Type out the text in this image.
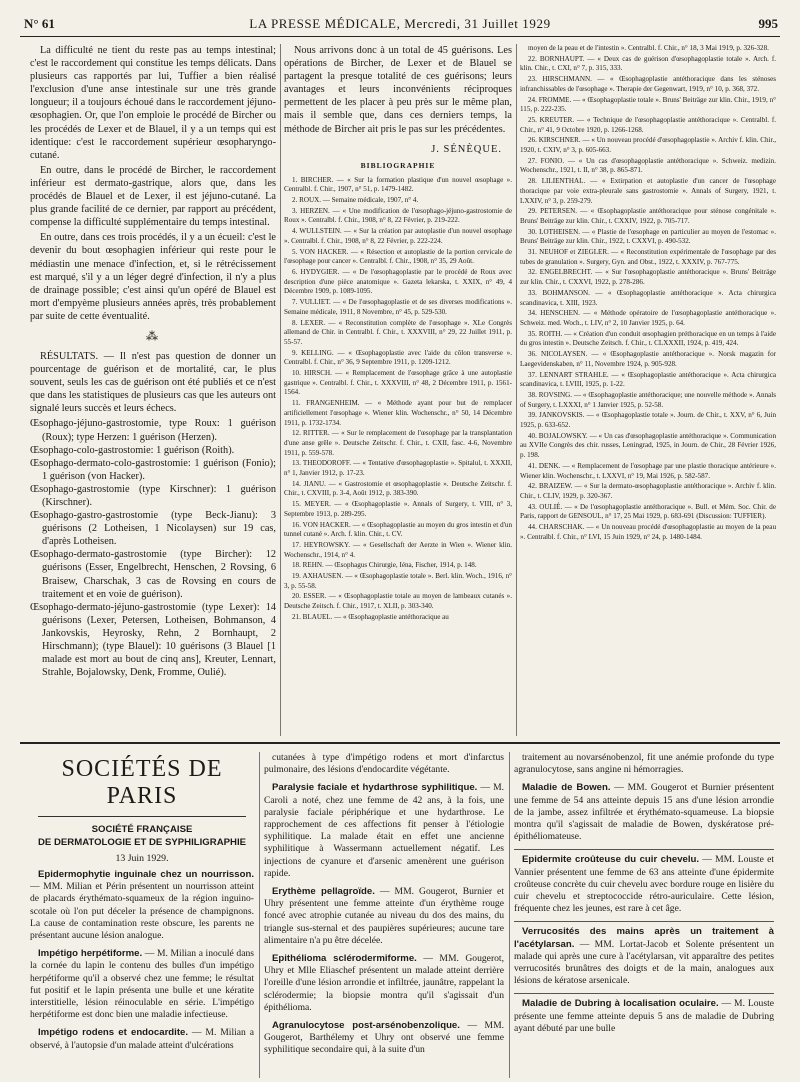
N° 61	LA PRESSE MÉDICALE, Mercredi, 31 Juillet 1929	995

La difficulté ne tient du reste pas au temps intestinal; c'est le raccordement qui constitue les temps délicats. Dans plusieurs cas rapportés par lui, Tuffier a bien réalisé l'exclusion d'une anse intestinale sur une très grande longueur; il a toujours échoué dans le raccordement jéjuno-œsophagien. Or, que l'on emploie le procédé de Bircher ou les procédés de Lexer et de Blauel, il y a un temps qui est identique: c'est le raccordement supérieur œsopharyngo-cutané.

En outre, dans le procédé de Bircher, le raccordement inférieur est dermato-gastrique, alors que, dans les procédés de Blauel et de Lexer, il est jéjuno-cutané. La plus grande facilité de ce dernier, par rapport au précédent, compense la difficulté supplémentaire du temps intestinal.

En outre, dans ces trois procédés, il y a un écueil: c'est le devenir du bout œsophagien inférieur qui reste pour le médiastin une menace d'infection, et, si le rétrécissement est marqué, s'il y a un léger degré d'infection, il n'y a plus de drainage possible; c'est ainsi qu'un opéré de Blauel est mort d'empyème plusieurs années après, très probablement par suite de cette éventualité.

⁂

RÉSULTATS. — Il n'est pas question de donner un pourcentage de guérison et de mortalité, car, le plus souvent, seuls les cas de guérison ont été publiés et ce n'est que dans les statistiques de plusieurs cas que les auteurs ont signalé leurs succès et leurs échecs.

Œsophago-jéjuno-gastrostomie, type Roux: 1 guérison (Roux); type Herzen: 1 guérison (Herzen).

Œsophago-colo-gastrostomie: 1 guérison (Roith).

Œsophago-dermato-colo-gastrostomie: 1 guérison (Fonio); 1 guérison (von Hacker).

Œsophago-gastrostomie (type Kirschner): 1 guérison (Kirschner).

Œsophago-gastro-gastrostomie (type Beck-Jianu): 3 guérisons (2 Lotheisen, 1 Nicolaysen) sur 19 cas, d'après Lotheisen.

Œsophago-dermato-gastrostomie (type Bircher): 12 guérisons (Esser, Engelbrecht, Henschen, 2 Rovsing, 6 Braisew, Charschak, 3 cas de Rovsing en cours de traitement et en voie de guérison).

Œsophago-dermato-jéjuno-gastrostomie (type Lexer): 14 guérisons (Lexer, Petersen, Lotheisen, Bohmanson, 4 Jankovskis, Heyrosky, Rehn, 2 Bornhaupt, 2 Hirschmann); (type Blauel): 10 guérisons (3 Blauel [1 malade est mort au bout de cinq ans], Kreuter, Lennart, Strahle, Bojalowsky, Denk, Fromme, Oulié).

Nous arrivons donc à un total de 45 guérisons. Les opérations de Bircher, de Lexer et de Blauel se partagent la presque totalité de ces guérisons; leurs avantages et leurs inconvénients réciproques permettent de les placer à peu près sur le même plan, mais il semble que, dans ces derniers temps, la méthode de Bircher ait pris le pas sur les précédentes.

J. SÉNÈQUE.
BIBLIOGRAPHIE

1. BIRCHER. — « Sur la formation plastique d'un nouvel œsophage ». Centralbl. f. Chir., 1907, n° 51, p. 1479-1482.

2. ROUX. — Semaine médicale, 1907, n° 4.

3. HERZEN. — « Une modification de l'œsophago-jéjuno-gastrostomie de Roux ». Centralbl. f. Chir., 1908, n° 8, 22 Février, p. 219-222.

4. WULLSTEIN. — « Sur la création par autoplastie d'un nouvel œsophage ». Centralbl. f. Chir., 1908, n° 8, 22 Février, p. 222-224.

5. VON HACKER. — « Résection et autoplastie de la portion cervicale de l'œsophage pour cancer ». Centralbl. f. Chir., 1908, n° 35, 29 Août.

6. HYDYGIER. — « De l'œsophagoplastie par le procédé de Roux avec description d'une pièce anatomique ». Gazeta lekarska, t. XXIX, n° 49, 4 Décembre 1909, p. 1089-1095.

7. VULLIET. — « De l'œsophagoplastie et de ses diverses modifications ». Semaine médicale, 1911, 8 Novembre, n° 45, p. 529-530.

8. LEXER. — « Reconstitution complète de l'œsophage ». XLe Congrès allemand de Chir. in Centralbl. f. Chir., t. XXXVIII, n° 29, 22 Juillet 1911, p. 55-57.

9. KELLING. — « Œsophagoplastie avec l'aide du côlon transverse ». Centralbl. f. Chir., n° 36, 9 Septembre 1911, p. 1209-1212.

10. HIRSCH. — « Remplacement de l'œsophage grâce à une autoplastie gastrique ». Centralbl. f. Chir., t. XXXVIII, n° 48, 2 Décembre 1911, p. 1561-1564.

11. FRANGENHEIM. — « Méthode ayant pour but de remplacer artificiellement l'œsophage ». Wiener klin. Wochenschr., n° 50, 14 Décembre 1911, p. 1732-1734.

12. RITTER. — « Sur le remplacement de l'œsophage par la transplantation d'une anse grêle ». Deutsche Zeitschr. f. Chir., t. CXII, fasc. 4-6, Novembre 1911, p. 559-578.

13. THEODOROFF. — « Tentative d'œsophagoplastie ». Spitalul, t. XXXII, n° 1, Janvier 1912, p. 17-23.

14. JIANU. — « Gastrostomie et œsophagoplastie ». Deutsche Zeitschr. f. Chir., t. CXVIII, p. 3-4, Août 1912, p. 383-390.

15. MEYER. — « Œsophagoplastie ». Annals of Surgery, t. VIII, n° 3, Septembre 1913, p. 289-295.

16. VON HACKER. — « Œsophagoplastie au moyen du gros intestin et d'un tunnel cutané ». Arch. f. klin. Chir., t. CV.

17. HEYROWSKY. — « Gesellschaft der Aerzte in Wien ». Wiener klin. Wochenschr., 1914, n° 4.

18. REHN. — Œsophagus Chirurgie, Iéna, Fischer, 1914, p. 148.

19. AXHAUSEN. — « Œsophagoplastie totale ». Berl. klin. Woch., 1916, n° 3, p. 55-58.

20. ESSER. — « Œsophagoplastie totale au moyen de lambeaux cutanés ». Deutsche Zeitsch. f. Chir., 1917, t. XLII, p. 303-340.

21. BLAUEL. — « Œsophagoplastie antéthoracique au

moyen de la peau et de l'intestin ». Centralbl. f. Chir., n° 18, 3 Mai 1919, p. 326-328.

22. BORNHAUPT. — « Deux cas de guérison d'œsophagoplastie totale ». Arch. f. klin. Chir., t. CXI, n° 7, p. 315, 333.

23. HIRSCHMANN. — « Œsophagoplastie antéthoracique dans les sténoses infranchissables de l'œsophage ». Therapie der Gegenwart, 1919, n° 10, p. 368, 372.

24. FROMME. — « Œsophagoplastie totale ». Bruns' Beiträge zur klin. Chir., 1919, n° 115, p. 222-235.

25. KREUTER. — « Technique de l'œsophagoplastie antéthoracique ». Centralbl. f. Chir., n° 41, 9 Octobre 1920, p. 1266-1268.

26. KIRSCHNER. — « Un nouveau procédé d'œsophagoplastie ». Archiv f. klin. Chir., 1920, t. CXIV, n° 3, p. 605-663.

27. FONIO. — « Un cas d'œsophagoplastie antéthoracique ». Schweiz. medizin. Wochenschr., 1921, t. II, n° 38, p. 865-871.

28. LILIENTHAL. — « Extirpation et autoplastie d'un cancer de l'œsophage thoracique par voie extra-pleurale sans gastrostomie ». Annals of Surgery, 1921, t. LXXIV, n° 3, p. 259-279.

29. PETERSEN. — « Œsophagoplastie antéthoracique pour sténose congénitale ». Bruns' Beiträge zur klin. Chir., t. CXXIV, 1922, p. 705-717.

30. LOTHEISEN. — « Plastie de l'œsophage en particulier au moyen de l'estomac ». Bruns' Beiträge zur klin. Chir., 1922, t. CXXVI, p. 490-532.

31. NEUHOF et ZIEGLER. — « Reconstitution expérimentale de l'œsophage par des tubes de granulation ». Surgery, Gyn. and Obst., 1922, t. XXXIV, p. 767-775.

32. ENGELBRECHT. — « Sur l'œsophagoplastie antéthoracique ». Bruns' Beiträge zur klin. Chir., t. CXXVI, 1922, p. 278-286.

33. BOHMANSON. — « Œsophagoplastie antéthoracique ». Acta chirurgica scandinavica, t. XIII, 1923.

34. HENSCHEN. — « Méthode opératoire de l'œsophagoplastie antéthoracique ». Schweiz. med. Woch., t. LIV, n° 2, 10 Janvier 1925, p. 64.

35. ROITH. — « Création d'un conduit œsophagien préthoracique en un temps à l'aide du gros intestin ». Deutsche Zeitsch. f. Chir., t. CLXXXII, 1924, p. 419, 424.

36. NICOLAYSEN. — « Œsophagoplastie antéthoracique ». Norsk magazin for Laegevidenskaben, n° 11, Novembre 1924, p. 905-928.

37. LENNART STRAHLE. — « Œsophagoplastie antéthoracique ». Acta chirurgica scandinavica, t. LVIII, 1925, p. 1-22.

38. ROVSING. — « Œsophagoplastie antéthoracique; une nouvelle méthode ». Annals of Surgery, t. LXXXI, n° 1 Janvier 1925, p. 52-58.

39. JANKOVSKIS. — « Œsophagoplastie totale ». Journ. de Chir., t. XXV, n° 6, Juin 1925, p. 633-652.

40. BOJALOWSKY. — « Un cas d'œsophagoplastie antéthoracique ». Communication au XVIIe Congrès des chir. russes, Leningrad, 1925, in Journ. de Chir., 28 Février 1926, p. 198.

41. DENK. — « Remplacement de l'œsophage par une plastie thoracique antérieure ». Wiener klin. Wochenschr., t. LXXVI, n° 19, Mai 1926, p. 582-587.

42. BRAIZEW. — « Sur la dermato-œsophagoplastie antéthoracique ». Archiv f. klin. Chir., t. CLIV, 1929, p. 320-367.

43. OULIÉ. — « De l'œsophagoplastie antéthoracique ». Bull. et Mém. Soc. Chir. de Paris, rapport de GENSOUL, n° 17, 25 Mai 1929, p. 683-691 (Discussion: TUFFIER).

44. CHARSCHAK. — « Un nouveau procédé d'œsophagoplastie au moyen de la peau ». Centralbl. f. Chir., n° LVI, 15 Juin 1929, n° 24, p. 1480-1484.

SOCIÉTÉS DE PARIS

SOCIÉTÉ FRANÇAISE

DE DERMATOLOGIE ET DE SYPHILIGRAPHIE

13 Juin 1929.

Epidermophytie inguinale chez un nourrisson. — MM. Milian et Périn présentent un nourrisson atteint de placards érythémato-squameux de la région inguino-scotale où l'on put déceler la présence de champignons. La cause de contamination reste obscure, les parents ne présentant aucune lésion analogue.

Impétigo herpétiforme. — M. Milian a inoculé dans la cornée du lapin le contenu des bulles d'un impétigo herpétiforme qu'il a observé chez une femme; le résultat fut positif et le lapin présenta une bulle et une kératite interstitielle, lésion réinoculable en série. L'impétigo herpétiforme est donc bien une maladie infectieuse.

Impétigo rodens et endocardite. — M. Milian a observé, à l'autopsie d'un malade atteint d'ulcérations

cutanées à type d'impétigo rodens et mort d'infarctus pulmonaire, des lésions d'endocardite végétante.

Paralysie faciale et hydarthrose syphilitique. — M. Caroli a noté, chez une femme de 42 ans, à la fois, une paralysie faciale périphérique et une hydarthrose. Le rapprochement de ces affections fit penser à l'étiologie syphilitique. La malade était en effet une ancienne syphilitique à Wassermann actuellement négatif. Les injections de cyanure et d'arsenic amenèrent une guérison rapide.

Erythème pellagroïde. — MM. Gougerot, Burnier et Uhry présentent une femme atteinte d'un érythème rouge foncé avec atrophie cutanée au niveau du dos des mains, du triangle sus-sternal et des paupières supérieures; aucune tare alimentaire n'a pu être décelée.

Epithélioma sclérodermiforme. — MM. Gougerot, Uhry et Mlle Eliaschef présentent un malade atteint derrière l'oreille d'une lésion arrondie et infiltrée, jaunâtre, rappelant la sclérodermie; la biopsie montra qu'il s'agissait d'un épithélioma.

Agranulocytose post-arsénobenzolique. — MM. Gougerot, Barthélemy et Uhry ont observé une femme syphilitique secondaire qui, à la suite d'un

traitement au novarsénobenzol, fit une anémie profonde du type agranulocytose, sans angine ni hémorragies.

Maladie de Bowen. — MM. Gougerot et Burnier présentent une femme de 54 ans atteinte depuis 15 ans d'une lésion arrondie de la jambe, assez infiltrée et érythémato-squameuse. La biopsie montra qu'il s'agissait de maladie de Bowen, dyskératose pré-épithéliomateuse.

Epidermite croûteuse du cuir chevelu. — MM. Louste et Vannier présentent une femme de 63 ans atteinte d'une épidermite croûteuse concrète du cuir chevelu avec bordure rouge en lisière du cuir chevelu et streptococcide rétro-auriculaire. Cette lésion, fréquente chez les jeunes, est rare à cet âge.

Verrucosités des mains après un traitement à l'acétylarsan. — MM. Lortat-Jacob et Solente présentent un malade qui après une cure à l'acétylarsan, vit apparaître des petites verrucosités brunâtres des doigts et de la main, analogues aux lésions de kératose arsenicale.

Maladie de Dubring à localisation oculaire. — M. Louste présente une femme atteinte depuis 5 ans de maladie de Dubring ayant débuté par une bulle
